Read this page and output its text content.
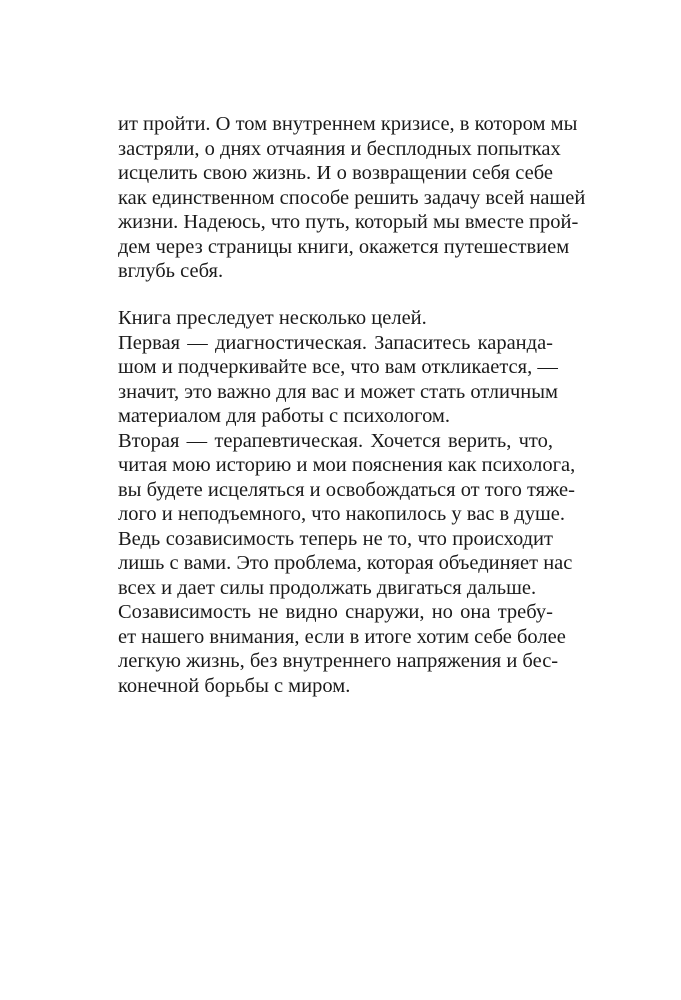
ит пройти. О том внутреннем кризисе, в котором мы
застряли, о днях отчаяния и бесплодных попытках
исцелить свою жизнь. И о возвращении себя себе
как единственном способе решить задачу всей нашей
жизни. Надеюсь, что путь, который мы вместе прой-
дем через страницы книги, окажется путешествием
вглубь себя.
Книга преследует несколько целей.
Первая — диагностическая. Запаситесь каранда-
шом и подчеркивайте все, что вам откликается, —
значит, это важно для вас и может стать отличным
материалом для работы с психологом.
Вторая — терапевтическая. Хочется верить, что,
читая мою историю и мои пояснения как психолога,
вы будете исцеляться и освобождаться от того тяже-
лого и неподъемного, что накопилось у вас в душе.
Ведь созависимость теперь не то, что происходит
лишь с вами. Это проблема, которая объединяет нас
всех и дает силы продолжать двигаться дальше.
Созависимость не видно снаружи, но она требу-
ет нашего внимания, если в итоге хотим себе более
легкую жизнь, без внутреннего напряжения и бес-
конечной борьбы с миром.
